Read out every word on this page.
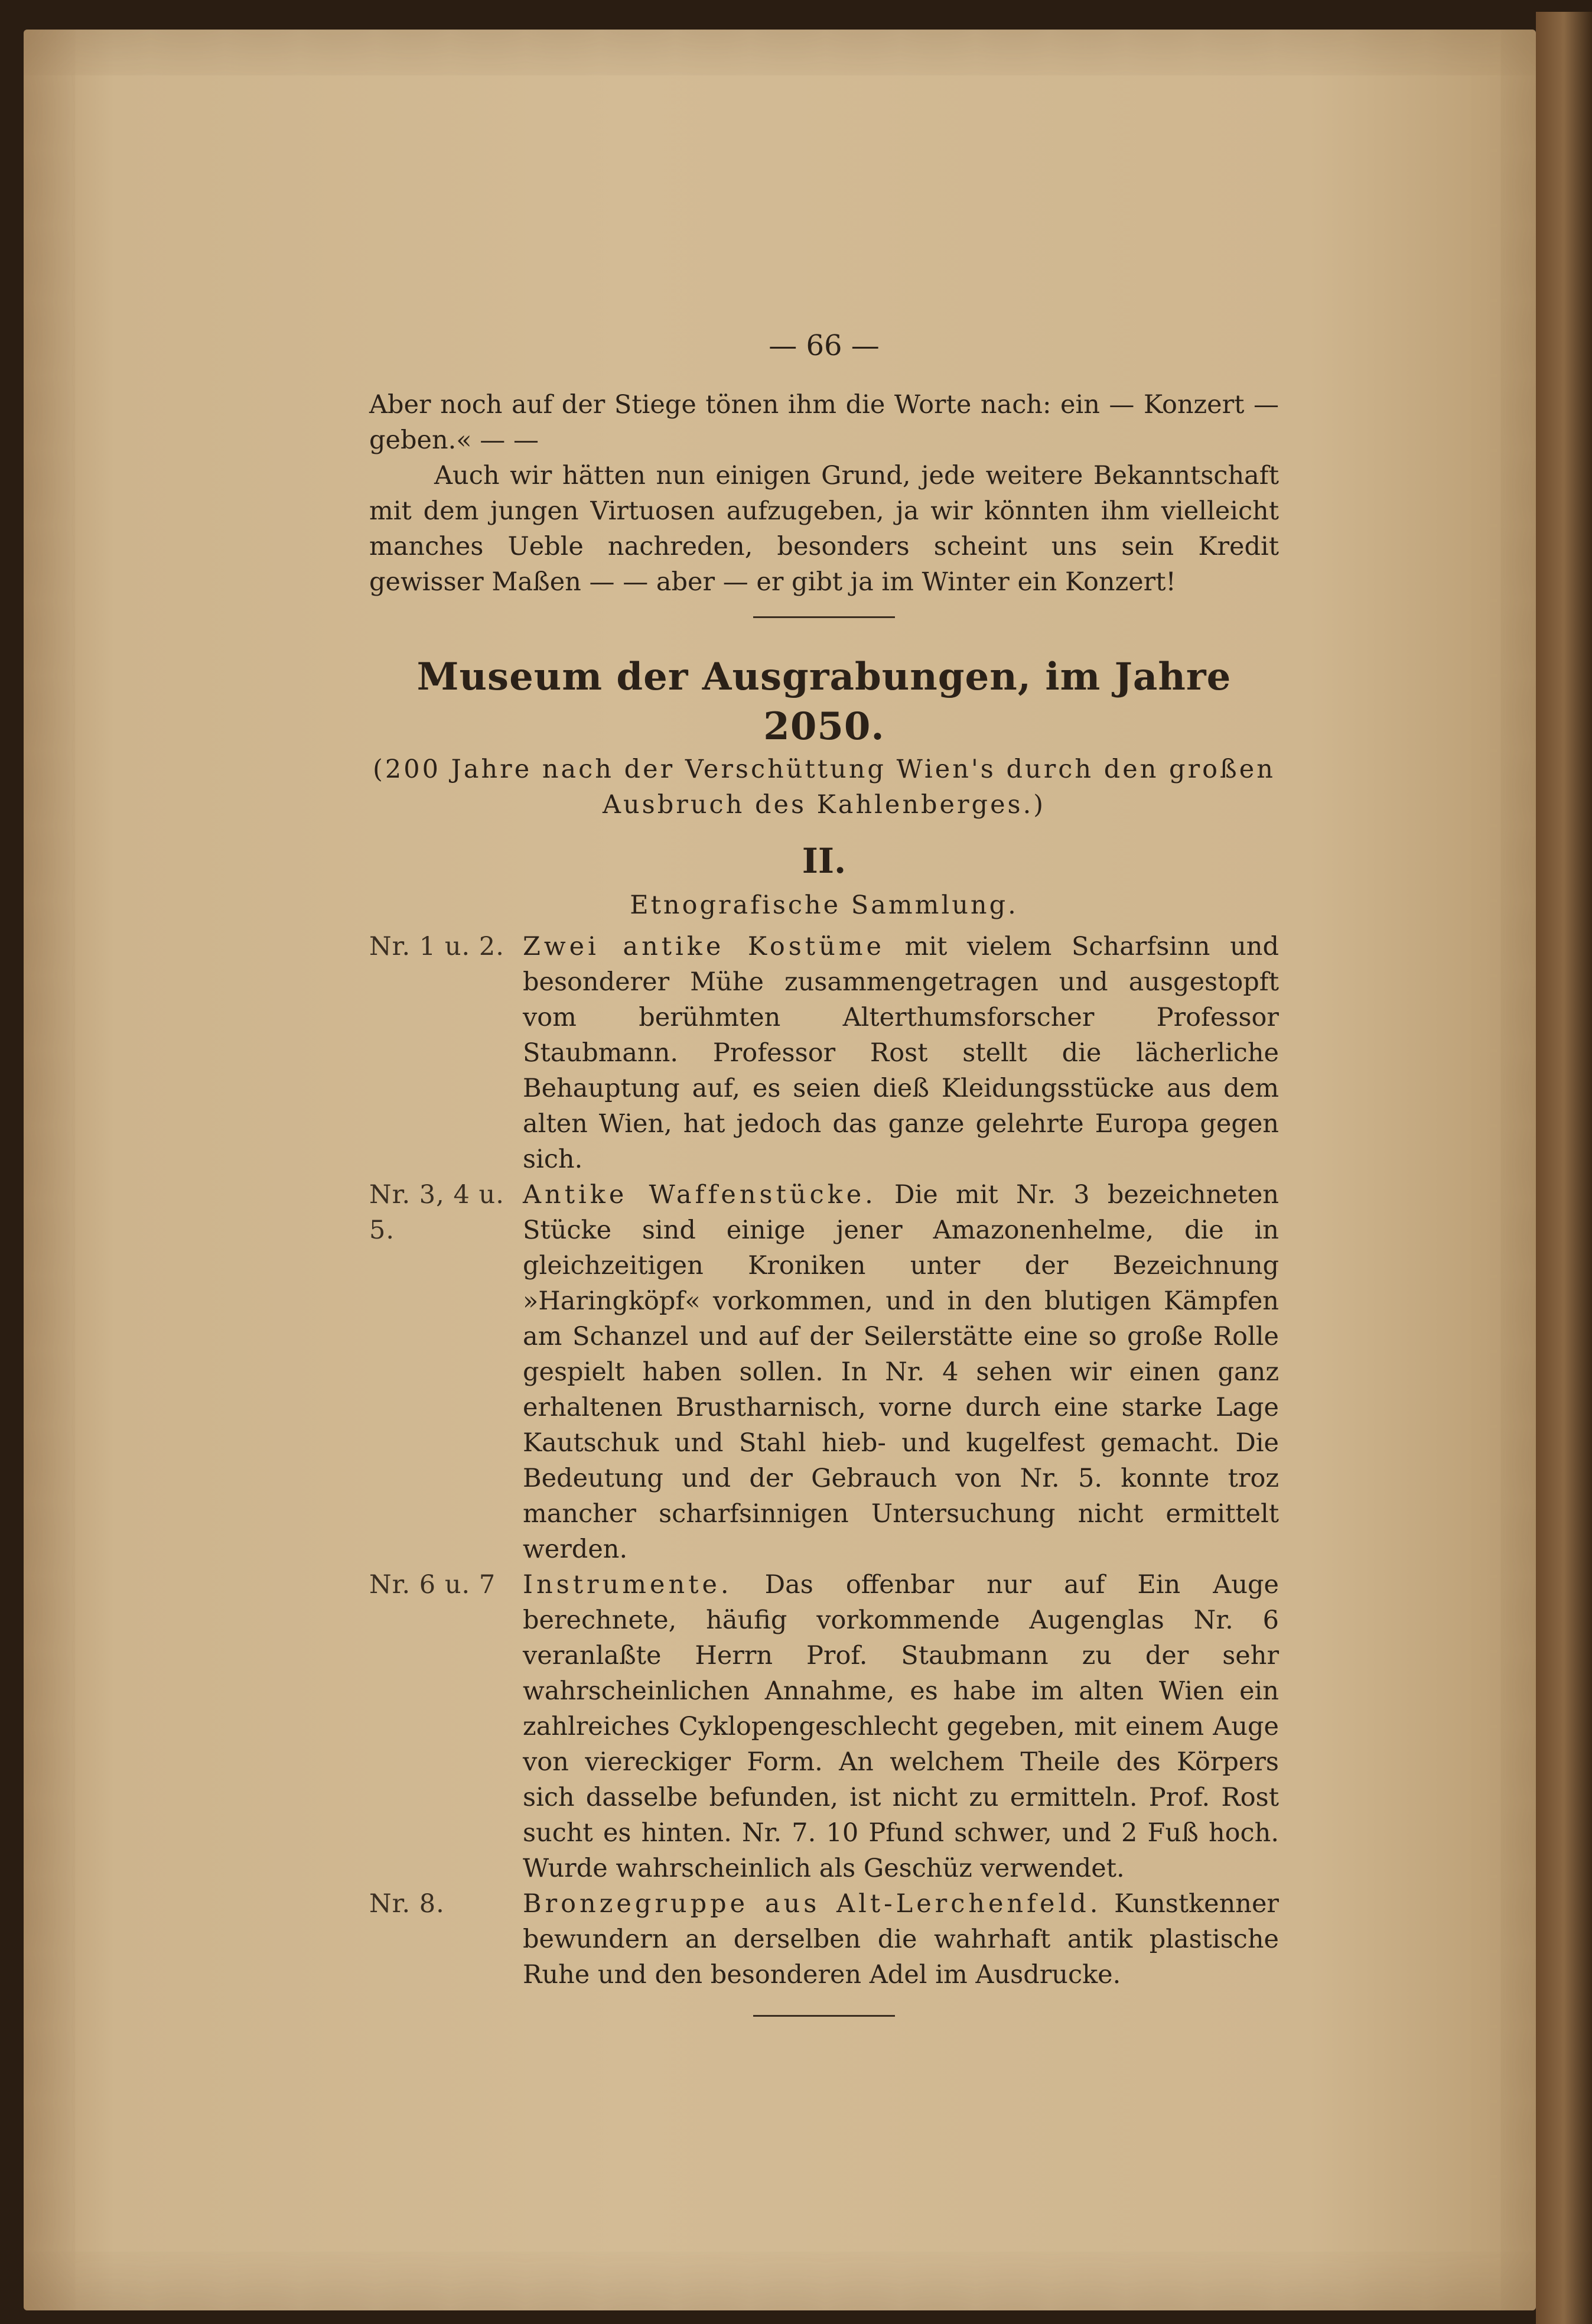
— 66 —

Aber noch auf der Stiege tönen ihm die Worte nach: ein — Konzert — geben.« — —

Auch wir hätten nun einigen Grund, jede weitere Bekanntschaft mit dem jungen Virtuosen aufzugeben, ja wir könnten ihm vielleicht manches Ueble nachreden, besonders scheint uns sein Kredit gewisser Maßen — — aber — er gibt ja im Winter ein Konzert!

Museum der Ausgrabungen, im Jahre 2050.
(200 Jahre nach der Verschüttung Wien's durch den großen Ausbruch des Kahlenberges.)
II.
Etnografische Sammlung.
Nr. 1 u. 2. Zwei antike Kostüme mit vielem Scharfsinn und besonderer Mühe zusammengetragen und ausgestopft vom berühmten Alterthumsforscher Professor Staubmann. Professor Rost stellt die lächerliche Behauptung auf, es seien dieß Kleidungsstücke aus dem alten Wien, hat jedoch das ganze gelehrte Europa gegen sich.
Nr. 3, 4 u. 5.
Antike Waffenstücke. Die mit Nr. 3 bezeichneten Stücke sind einige jener Amazonenhelme, die in gleichzeitigen Kroniken unter der Bezeichnung »Haringköpf« vorkommen, und in den blutigen Kämpfen am Schanzel und auf der Seilerstätte eine so große Rolle gespielt haben sollen. In Nr. 4 sehen wir einen ganz erhaltenen Brustharnisch, vorne durch eine starke Lage Kautschuk und Stahl hieb- und kugelfest gemacht. Die Bedeutung und der Gebrauch von Nr. 5. konnte troz mancher scharfsinnigen Untersuchung nicht ermittelt werden.
Nr. 6 u. 7	Instrumente. Das offenbar nur auf Ein Auge berechnete, häufig vorkommende Augenglas Nr. 6 veranlaßte Herrn Prof. Staubmann zu der sehr wahrscheinlichen Annahme, es habe im alten Wien ein zahlreiches Cyklopengeschlecht gegeben, mit einem Auge von viereckiger Form. An welchem Theile des Körpers sich dasselbe befunden, ist nicht zu ermitteln. Prof. Rost sucht es hinten. Nr. 7. 10 Pfund schwer, und 2 Fuß hoch. Wurde wahrscheinlich als Geschüz verwendet.
Nr. 8.	Bronzegruppe aus Alt-Lerchenfeld. Kunstkenner bewundern an derselben die wahrhaft antik plastische Ruhe und den besonderen Adel im Ausdrucke.
